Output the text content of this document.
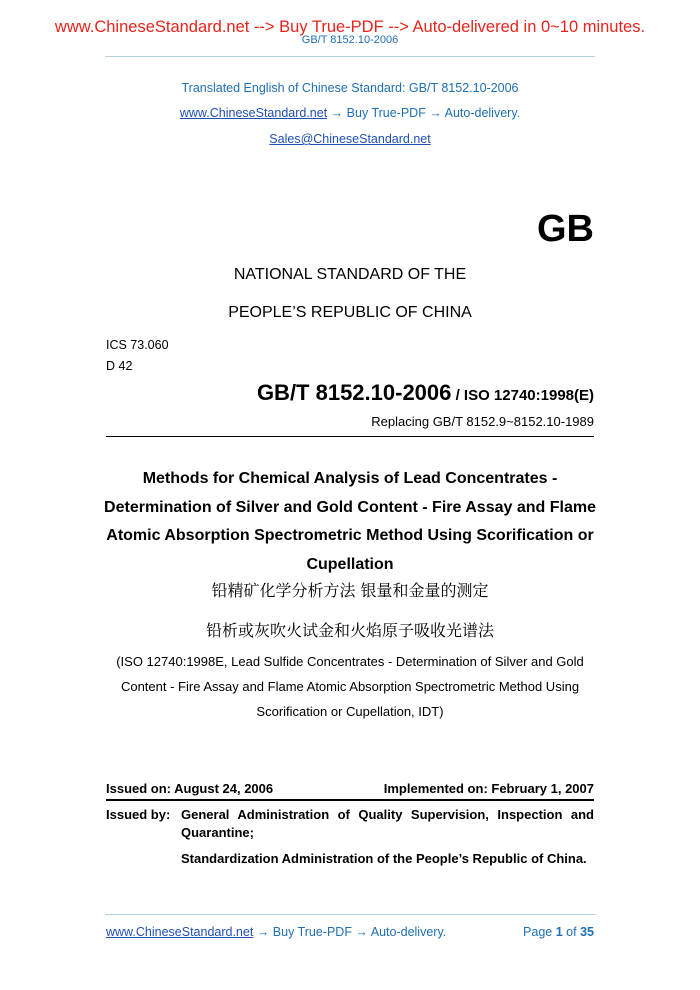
www.ChineseStandard.net --> Buy True-PDF --> Auto-delivered in 0~10 minutes.
GB/T 8152.10-2006
Translated English of Chinese Standard: GB/T 8152.10-2006
www.ChineseStandard.net → Buy True-PDF → Auto-delivery.
Sales@ChineseStandard.net
GB
NATIONAL STANDARD OF THE
PEOPLE’S REPUBLIC OF CHINA
ICS 73.060
D 42
GB/T 8152.10-2006 / ISO 12740:1998(E)
Replacing GB/T 8152.9~8152.10-1989
Methods for Chemical Analysis of Lead Concentrates - Determination of Silver and Gold Content - Fire Assay and Flame Atomic Absorption Spectrometric Method Using Scorification or Cupellation
铅精矿化学分析方法 银量和金量的测定
铅析或灰吹火试金和火焰原子吸收光谱法
(ISO 12740:1998E, Lead Sulfide Concentrates - Determination of Silver and Gold Content - Fire Assay and Flame Atomic Absorption Spectrometric Method Using Scorification or Cupellation, IDT)
Issued on: August 24, 2006	Implemented on: February 1, 2007
Issued by: General Administration of Quality Supervision, Inspection and Quarantine;
Standardization Administration of the People’s Republic of China.
www.ChineseStandard.net → Buy True-PDF → Auto-delivery.	Page 1 of 35
